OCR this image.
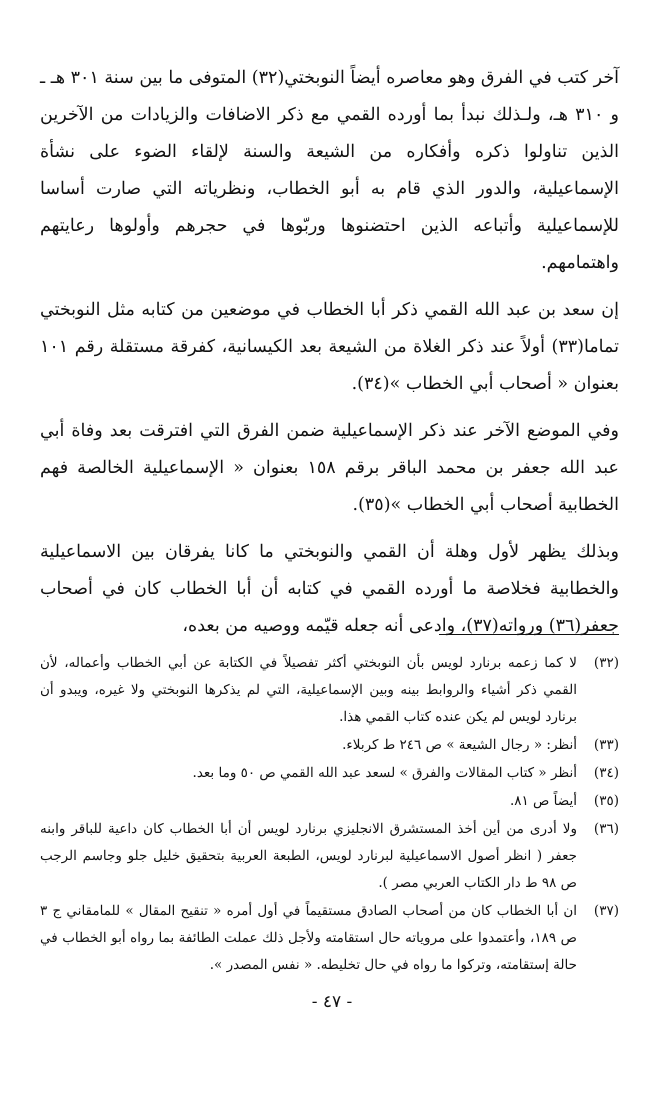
آخر كتب في الفرق وهو معاصره أيضاً النوبختي(٣٢) المتوفى ما بين سنة ٣٠١ هـ ـ و ٣١٠ هـ، ولـذلك نبدأ بما أورده القمي مع ذكر الاضافات والزيادات من الآخرين الذين تناولوا ذكره وأفكاره من الشيعة والسنة لإلقاء الضوء على نشأة الإسماعيلية، والدور الذي قام به أبو الخطاب، ونظرياته التي صارت أساسا للإسماعيلية وأتباعه الذين احتضنوها وربّوها في حجرهم وأولوها رعايتهم واهتمامهم.

إن سعد بن عبد الله القمي ذكر أبا الخطاب في موضعين من كتابه مثل النوبختي تماما(٣٣) أولاً عند ذكر الغلاة من الشيعة بعد الكيسانية، كفرقة مستقلة رقم ١٠١ بعنوان « أصحاب أبي الخطاب »(٣٤).

وفي الموضع الآخر عند ذكر الإسماعيلية ضمن الفرق التي افترقت بعد وفاة أبي عبد الله جعفر بن محمد الباقر برقم ١٥٨ بعنوان « الإسماعيلية الخالصة فهم الخطابية أصحاب أبي الخطاب »(٣٥).

وبذلك يظهر لأول وهلة أن القمي والنوبختي ما كانا يفرقان بين الاسماعيلية والخطابية فخلاصة ما أورده القمي في كتابه أن أبا الخطاب كان في أصحاب جعفر(٣٦) ورواته(٣٧)، وادعى أنه جعله قيّمه ووصيه من بعده،

(٣٢)
لا كما زعمه برنارد لويس بأن النوبختي أكثر تفصيلاً في الكتابة عن أبي الخطاب وأعماله، لأن القمي ذكر أشياء والروابط بينه وبين الإسماعيلية، التي لم يذكرها النوبختي ولا غيره، ويبدو أن برنارد لويس لم يكن عنده كتاب القمي هذا.
(٣٣)
أنظر: « رجال الشيعة » ص ٢٤٦ ط كربلاء.
(٣٤)
أنظر « كتاب المقالات والفرق » لسعد عبد الله القمي ص ٥٠ وما بعد.
(٣٥)
أيضاً ص ٨١.
(٣٦)
ولا أدرى من أين أخذ المستشرق الانجليزي برنارد لويس أن أبا الخطاب كان داعية للباقر وابنه جعفر ( انظر أصول الاسماعيلية لبرنارد لويس، الطبعة العربية بتحقيق خليل جلو وجاسم الرجب ص ٩٨ ط دار الكتاب العربي مصر ).
(٣٧)
ان أبا الخطاب كان من أصحاب الصادق مستقيماً في أول أمره « تنقيح المقال » للمامقاني ج ٣ ص ١٨٩، وأعتمدوا على مروياته حال استقامته ولأجل ذلك عملت الطائفة بما رواه أبو الخطاب في حالة إستقامته، وتركوا ما رواه في حال تخليطه. « نفس المصدر ».
- ٤٧ -
